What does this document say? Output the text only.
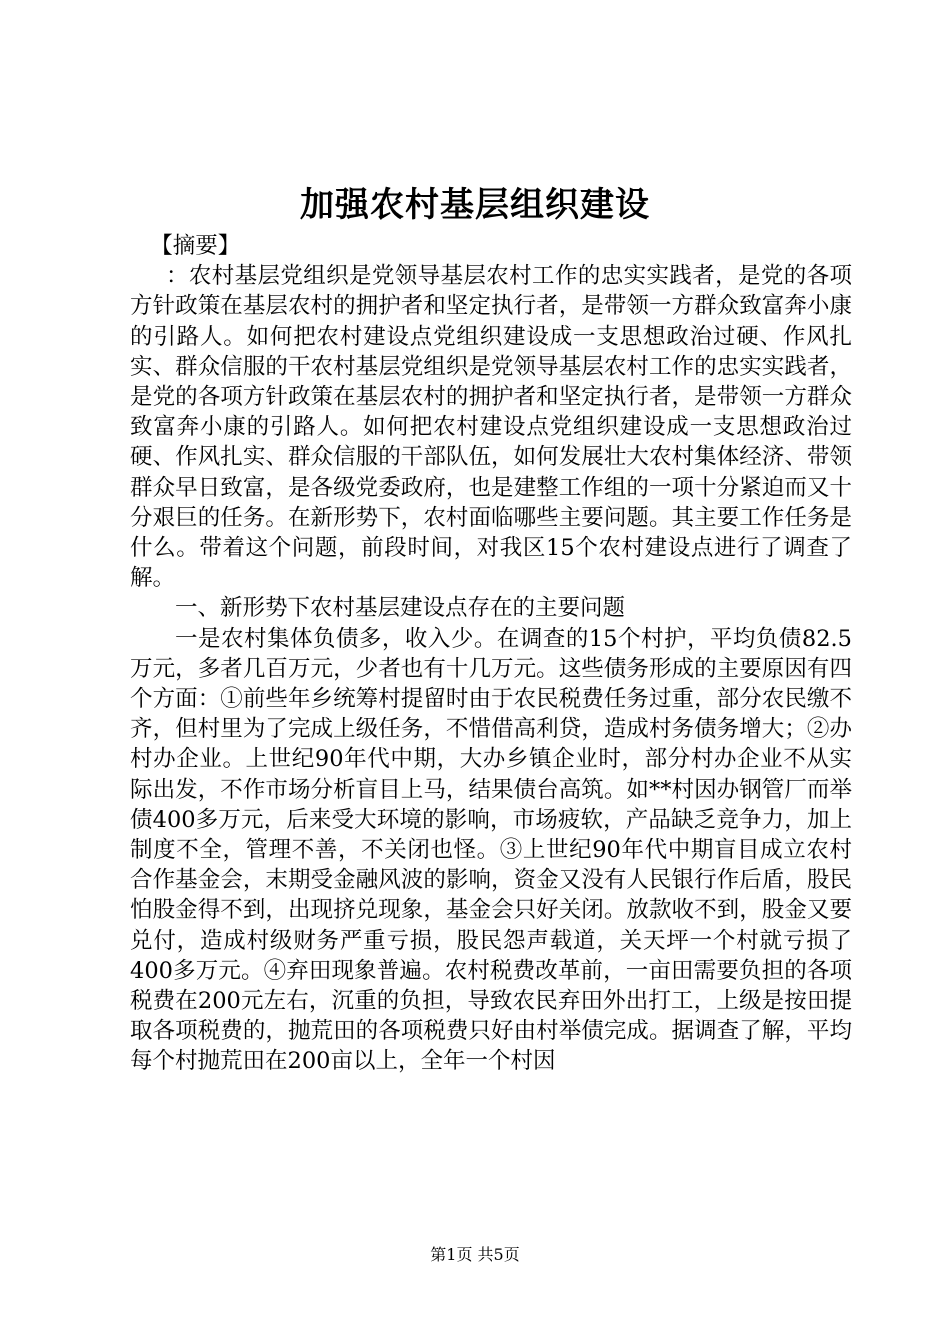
加强农村基层组织建设

【摘要】

：农村基层党组织是党领导基层农村工作的忠实实践者，是党的各项方针政策在基层农村的拥护者和坚定执行者，是带领一方群众致富奔小康的引路人。如何把农村建设点党组织建设成一支思想政治过硬、作风扎实、群众信服的干农村基层党组织是党领导基层农村工作的忠实实践者，是党的各项方针政策在基层农村的拥护者和坚定执行者，是带领一方群众致富奔小康的引路人。如何把农村建设点党组织建设成一支思想政治过硬、作风扎实、群众信服的干部队伍，如何发展壮大农村集体经济、带领群众早日致富，是各级党委政府，也是建整工作组的一项十分紧迫而又十分艰巨的任务。在新形势下，农村面临哪些主要问题。其主要工作任务是什么。带着这个问题，前段时间，对我区15个农村建设点进行了调查了解。

一、新形势下农村基层建设点存在的主要问题

一是农村集体负债多，收入少。在调查的15个村护，平均负债82.5万元，多者几百万元，少者也有十几万元。这些债务形成的主要原因有四个方面：①前些年乡统筹村提留时由于农民税费任务过重，部分农民缴不齐，但村里为了完成上级任务，不惜借高利贷，造成村务债务增大；②办村办企业。上世纪90年代中期，大办乡镇企业时，部分村办企业不从实际出发，不作市场分析盲目上马，结果债台高筑。如**村因办钢管厂而举债400多万元，后来受大环境的影响，市场疲软，产品缺乏竞争力，加上制度不全，管理不善，不关闭也怪。③上世纪90年代中期盲目成立农村合作基金会，末期受金融风波的影响，资金又没有人民银行作后盾，股民怕股金得不到，出现挤兑现象，基金会只好关闭。放款收不到，股金又要兑付，造成村级财务严重亏损，股民怨声载道，关天坪一个村就亏损了400多万元。④弃田现象普遍。农村税费改革前，一亩田需要负担的各项税费在200元左右，沉重的负担，导致农民弃田外出打工，上级是按田提取各项税费的，抛荒田的各项税费只好由村举债完成。据调查了解，平均每个村抛荒田在200亩以上，全年一个村因

第1页 共5页
